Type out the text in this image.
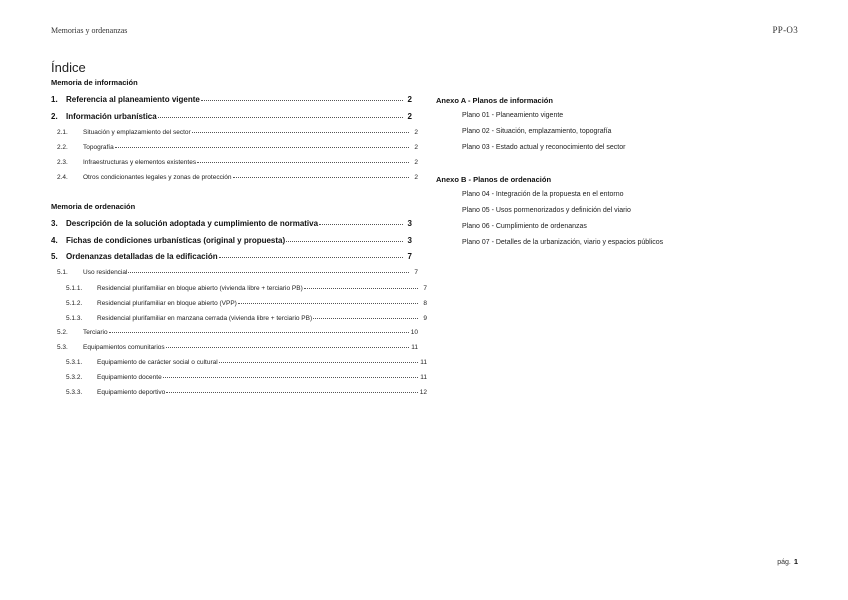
Memorias y ordenanzas	PP-O3
Índice
Memoria de información
1.	Referencia al planeamiento vigente	2
2.	Información urbanística	2
2.1.	Situación y emplazamiento del sector	2
2.2.	Topografía	2
2.3.	Infraestructuras y elementos existentes	2
2.4.	Otros condicionantes legales y zonas de protección	2
Memoria de ordenación
3.	Descripción de la solución adoptada y cumplimiento de normativa	3
4.	Fichas de condiciones urbanísticas (original y propuesta)	3
5.	Ordenanzas detalladas de la edificación	7
5.1.	Uso residencial	7
5.1.1.	Residencial plurifamiliar en bloque abierto (vivienda libre + terciario PB)	7
5.1.2.	Residencial plurifamiliar en bloque abierto (VPP)	8
5.1.3.	Residencial plurifamiliar en manzana cerrada (vivienda libre + terciario PB)	9
5.2.	Terciario	10
5.3.	Equipamientos comunitarios	11
5.3.1.	Equipamiento de carácter social o cultural	11
5.3.2.	Equipamiento docente	11
5.3.3.	Equipamiento deportivo	12
Anexo A - Planos de información
Plano 01 - Planeamiento vigente
Plano 02 - Situación, emplazamiento, topografía
Plano 03 - Estado actual y reconocimiento del sector
Anexo B - Planos de ordenación
Plano 04 - Integración de la propuesta en el entorno
Plano 05 - Usos pormenorizados y definición del viario
Plano 06 - Cumplimiento de ordenanzas
Plano 07 - Detalles de la urbanización, viario y espacios públicos
pág. 1
